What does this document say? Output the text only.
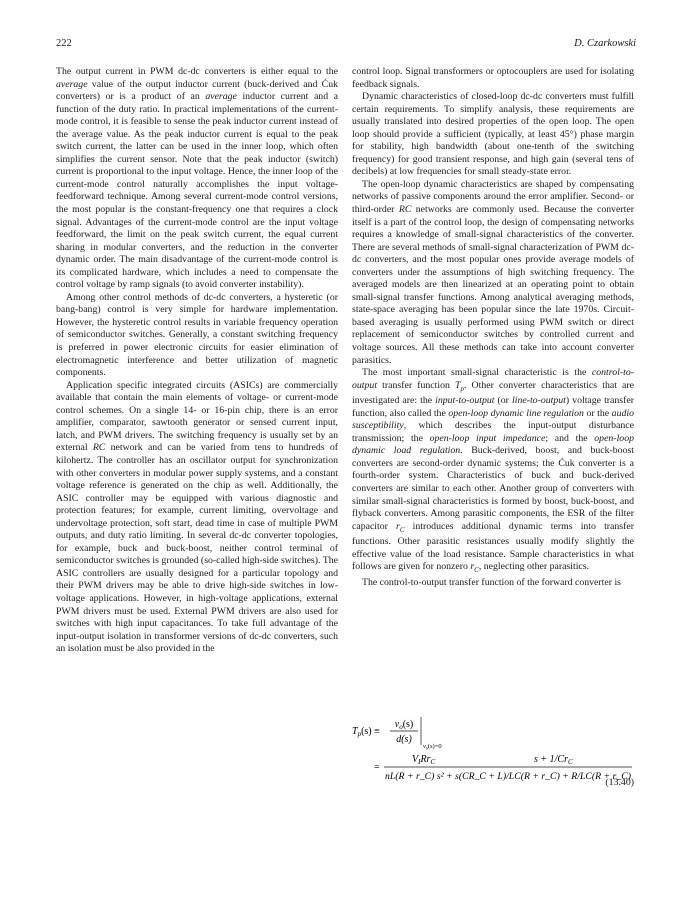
222	D. Czarkowski

The output current in PWM dc-dc converters is either equal to the average value of the output inductor current (buck-derived and Ćuk converters) or is a product of an average inductor current and a function of the duty ratio. In practical implementations of the current-mode control, it is feasible to sense the peak inductor current instead of the average value. As the peak inductor current is equal to the peak switch current, the latter can be used in the inner loop, which often simplifies the current sensor. Note that the peak inductor (switch) current is proportional to the input voltage. Hence, the inner loop of the current-mode control naturally accomplishes the input voltage-feedforward technique. Among several current-mode control versions, the most popular is the constant-frequency one that requires a clock signal. Advantages of the current-mode control are the input voltage feedforward, the limit on the peak switch current, the equal current sharing in modular converters, and the reduction in the converter dynamic order. The main disadvantage of the current-mode control is its complicated hardware, which includes a need to compensate the control voltage by ramp signals (to avoid converter instability).

Among other control methods of dc-dc converters, a hysteretic (or bang-bang) control is very simple for hardware implementation. However, the hysteretic control results in variable frequency operation of semiconductor switches. Generally, a constant switching frequency is preferred in power electronic circuits for easier elimination of electromagnetic interference and better utilization of magnetic components.

Application specific integrated circuits (ASICs) are commercially available that contain the main elements of voltage- or current-mode control schemes. On a single 14- or 16-pin chip, there is an error amplifier, comparator, sawtooth generator or sensed current input, latch, and PWM drivers. The switching frequency is usually set by an external RC network and can be varied from tens to hundreds of kilohertz. The controller has an oscillator output for synchronization with other converters in modular power supply systems, and a constant voltage reference is generated on the chip as well. Additionally, the ASIC controller may be equipped with various diagnostic and protection features; for example, current limiting, overvoltage and undervoltage protection, soft start, dead time in case of multiple PWM outputs, and duty ratio limiting. In several dc-dc converter topologies, for example, buck and buck-boost, neither control terminal of semiconductor switches is grounded (so-called high-side switches). The ASIC controllers are usually designed for a particular topology and their PWM drivers may be able to drive high-side switches in low-voltage applications. However, in high-voltage applications, external PWM drivers must be used. External PWM drivers are also used for switches with high input capacitances. To take full advantage of the input-output isolation in transformer versions of dc-dc converters, such an isolation must be also provided in the

control loop. Signal transformers or optocouplers are used for isolating feedback signals.

Dynamic characteristics of closed-loop dc-dc converters must fulfill certain requirements. To simplify analysis, these requirements are usually translated into desired properties of the open loop. The open loop should provide a sufficient (typically, at least 45°) phase margin for stability, high bandwidth (about one-tenth of the switching frequency) for good transient response, and high gain (several tens of decibels) at low frequencies for small steady-state error.

The open-loop dynamic characteristics are shaped by compensating networks of passive components around the error amplifier. Second- or third-order RC networks are commonly used. Because the converter itself is a part of the control loop, the design of compensating networks requires a knowledge of small-signal characteristics of the converter. There are several methods of small-signal characterization of PWM dc-dc converters, and the most popular ones provide average models of converters under the assumptions of high switching frequency. The averaged models are then linearized at an operating point to obtain small-signal transfer functions. Among analytical averaging methods, state-space averaging has been popular since the late 1970s. Circuit-based averaging is usually performed using PWM switch or direct replacement of semiconductor switches by controlled current and voltage sources. All these methods can take into account converter parasitics.

The most important small-signal characteristic is the control-to-output transfer function $T_p$. Other converter characteristics that are investigated are: the input-to-output (or line-to-output) voltage transfer function, also called the open-loop dynamic line regulation or the audio susceptibility, which describes the input-output disturbance transmission; the open-loop input impedance; and the open-loop dynamic load regulation. Buck-derived, boost, and buck-boost converters are second-order dynamic systems; the Ćuk converter is a fourth-order system. Characteristics of buck and buck-derived converters are similar to each other. Another group of converters with similar small-signal characteristics is formed by boost, buck-boost, and flyback converters. Among parasitic components, the ESR of the filter capacitor $r_C$ introduces additional dynamic terms into transfer functions. Other parasitic resistances usually modify slightly the effective value of the load resistance. Sample characteristics in what follows are given for nonzero $r_C$, neglecting other parasitics.

The control-to-output transfer function of the forward converter is

$T_p(s)$ ≡
$v_o(s)$
d(s)
$v_s(s)=0$
=
$V_IRr_C$	$s + 1/Cr_C$
nL(R + r_C) s² + s(CR_C + L)/LC(R + r_C) + R/LC(R + r_C)
(13.40)
